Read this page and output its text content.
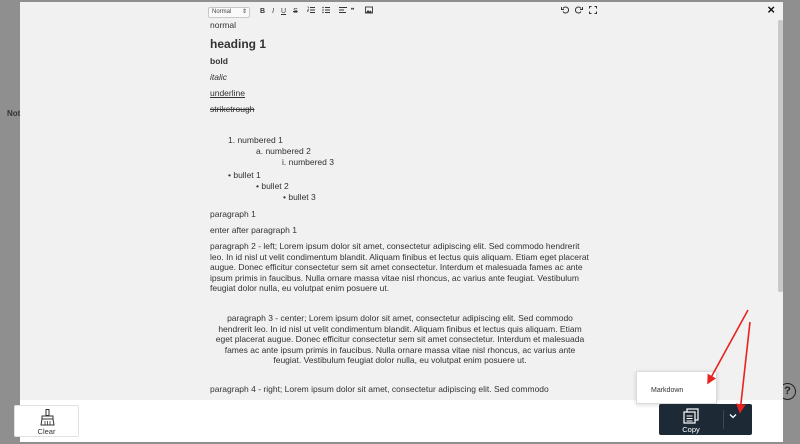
Not
?
Normal ⇕	B I U S	❞
normal
heading 1
bold
italic
underline
striketrough
1. numbered 1
a. numbered 2
i. numbered 3
• bullet 1
• bullet 2
• bullet 3
paragraph 1
enter after paragraph 1
paragraph 2 - left; Lorem ipsum dolor sit amet, consectetur adipiscing elit. Sed commodo hendrerit leo. In id nisl ut velit condimentum blandit. Aliquam finibus et lectus quis aliquam. Etiam eget placerat augue. Donec efficitur consectetur sem sit amet consectetur. Interdum et malesuada fames ac ante ipsum primis in faucibus. Nulla ornare massa vitae nisl rhoncus, ac varius ante feugiat. Vestibulum feugiat dolor nulla, eu volutpat enim posuere ut.
paragraph 3 - center; Lorem ipsum dolor sit amet, consectetur adipiscing elit. Sed commodo hendrerit leo. In id nisl ut velit condimentum blandit. Aliquam finibus et lectus quis aliquam. Etiam eget placerat augue. Donec efficitur consectetur sem sit amet consectetur. Interdum et malesuada fames ac ante ipsum primis in faucibus. Nulla ornare massa vitae nisl rhoncus, ac varius ante feugiat. Vestibulum feugiat dolor nulla, eu volutpat enim posuere ut.
paragraph 4 - right; Lorem ipsum dolor sit amet, consectetur adipiscing elit. Sed commodo
×
Clear
Markdown
Copy
